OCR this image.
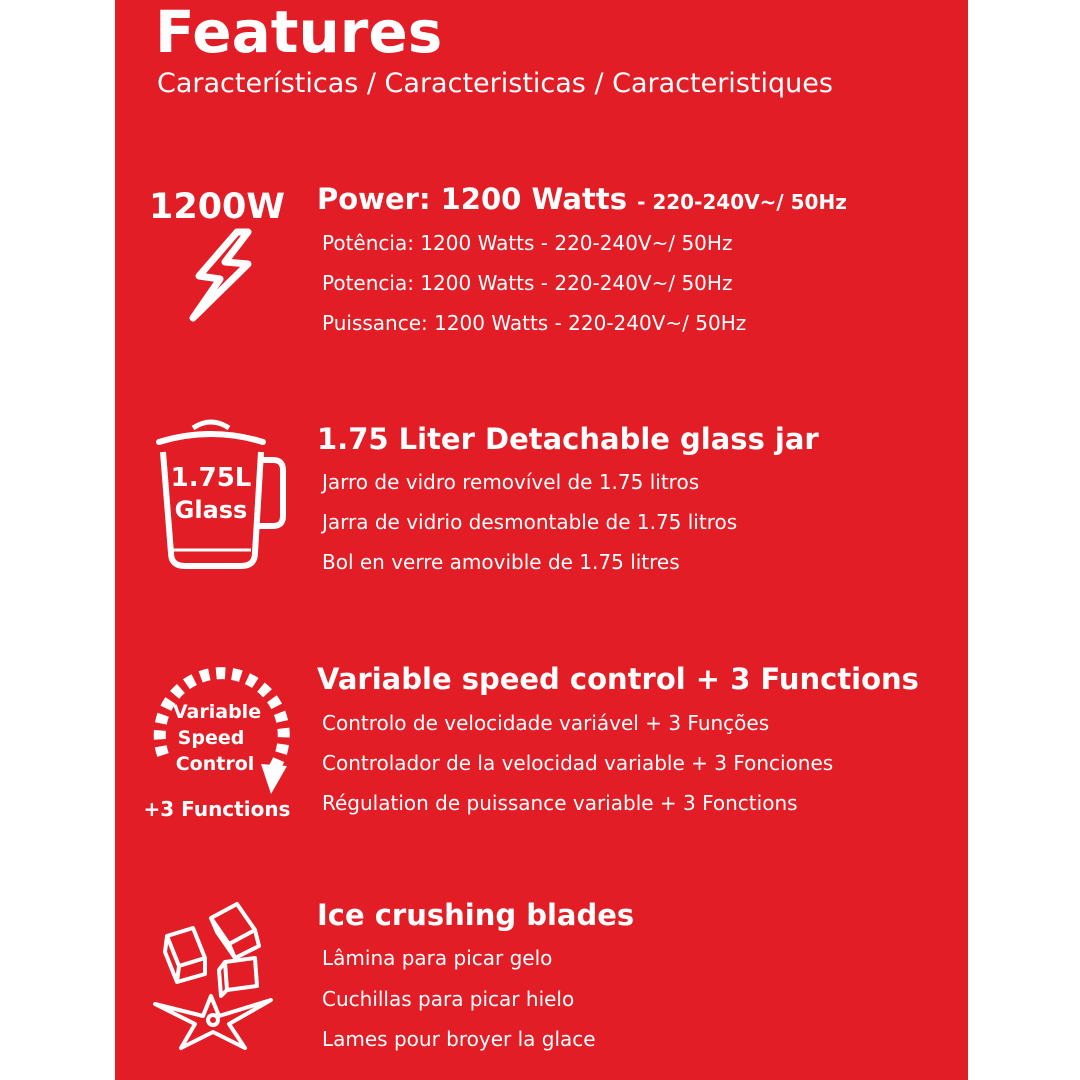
Features
Características / Caracteristicas / Caracteristiques
1200W Power: 1200 Watts - 220-240V~/ 50Hz
Potência: 1200 Watts - 220-240V~/ 50Hz
Potencia: 1200 Watts - 220-240V~/ 50Hz
Puissance: 1200 Watts - 220-240V~/ 50Hz
1.75L
Glass
1.75 Liter Detachable glass jar
Jarro de vidro removível de 1.75 litros
Jarra de vidrio desmontable de 1.75 litros
Bol en verre amovible de 1.75 litres
Variable
Speed
Control
+3 Functions
Variable speed control + 3 Functions
Controlo de velocidade variável + 3 Funções
Controlador de la velocidad variable + 3 Fonciones
Régulation de puissance variable + 3 Fonctions
Ice crushing blades
Lâmina para picar gelo
Cuchillas para picar hielo
Lames pour broyer la glace
